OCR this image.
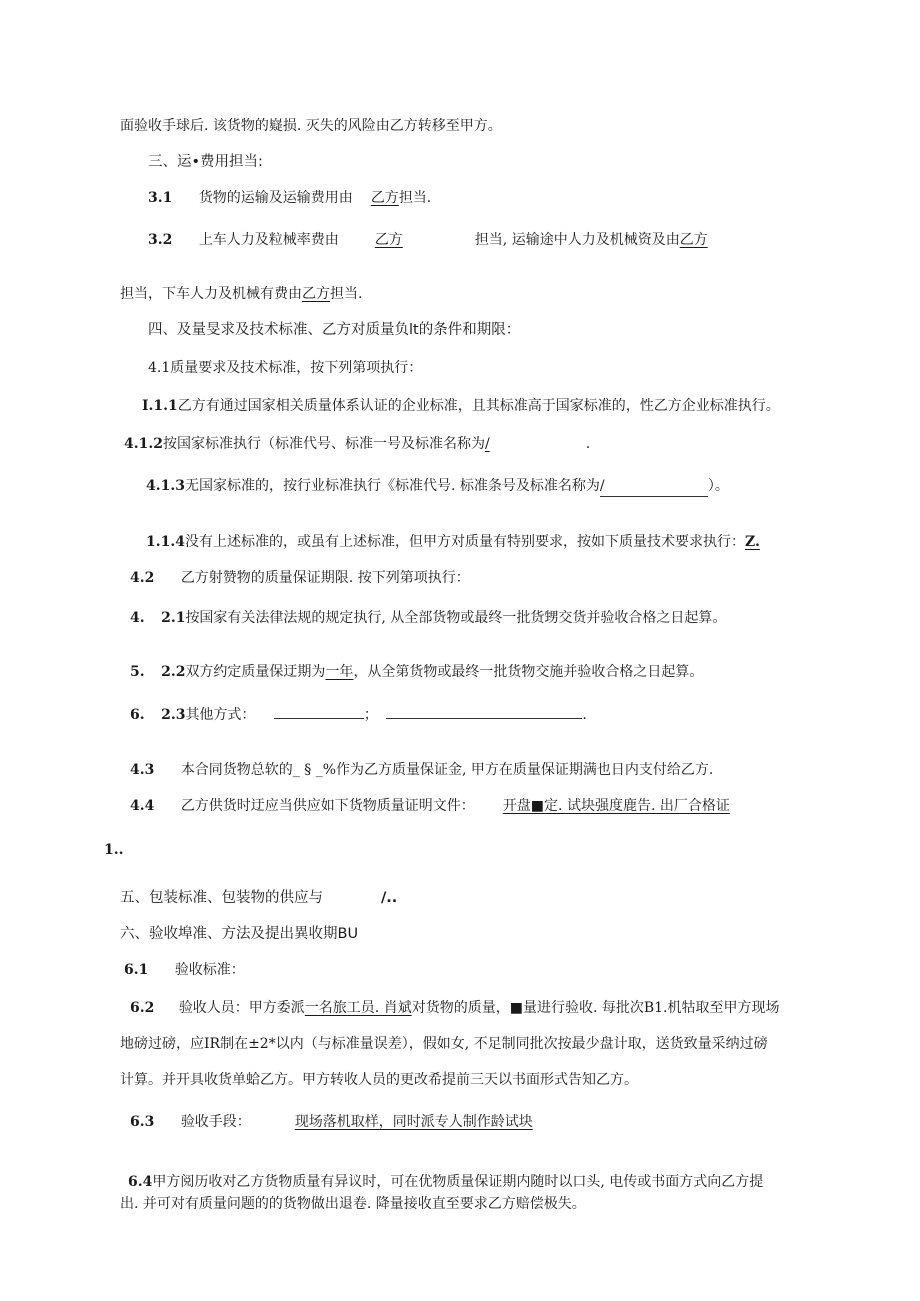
面验收手球后. 该货物的嶷损. 灭失的风险由乙方转移至甲方。
三、运•费用担当:
3.1 货物的运输及运输费用由 乙方担当.
3.2 上车人力及粒械率费由	乙方	担当, 运输途中人力及机械资及由乙方
担当，下车人力及机械有费由乙方担当.
四、及量旻求及技术标准、乙方对质量负lt的条件和期限：
4.1质量要求及技术标准，按下列第项执行：
I.1.1乙方有通过国家相关质量体系认证的企业标准，且其标准高于国家标准的，性乙方企业标准执行。
4.1.2按国家标准执行（标准代号、标准一号及标准名称为/	.
4.1.3无国家标准的，按行业标准执行《标准代号. 标准条号及标准名称为/	）。
1.1.4没有上述标准的，或虽有上述标准，但甲方对质量有特别要求，按如下质量技术要求执行：Z.
4.2 乙方射赞物的质量保证期限. 按下列第项执行：
4. 2.1按国家有关法律法规的规定执行, 从全部货物或最终一批货甥交货并验收合格之日起算。
5. 2.2双方约定质量保迂期为一年，从全第货物或最终一批货物交施并验收合格之日起算。
6. 2.3其他方式：	；	.
4.3 本合同货物总软的_ § _%作为乙方质量保证金, 甲方在质量保证期满也日内支付给乙方.
4.4 乙方供货时迂应当供应如下货物质量证明文件： 开盘■定. 试块强度鹿告. 出厂合格证
1..
五、包装标准、包装物的供应与	/..
六、验收埠准、方法及提出異收期BU
6.1 验收标准：
6.2 验收人员：甲方委派一名旅工员. 肖斌对货物的质量，■量进行验收. 每批次B1.机牯取至甲方现场
地磅过磅，应IR制在±2*以内（与标准量误差），假如女, 不足制同批次按最少盘计取，送货致量采纳过磅
计算。并开具收货单蛤乙方。甲方转收人员的更改希提前三天以书面形式告知乙方。
6.3 验收手段：	现场落机取样，同时派专人制作龄试块
6.4甲方阅历收对乙方货物质量有异议时，可在优物质量保证期内随时以口头, 电传或书面方式向乙方提
出. 并可对有质量问题的的货物做出退卷. 降量接收直至要求乙方赔偿极失。
